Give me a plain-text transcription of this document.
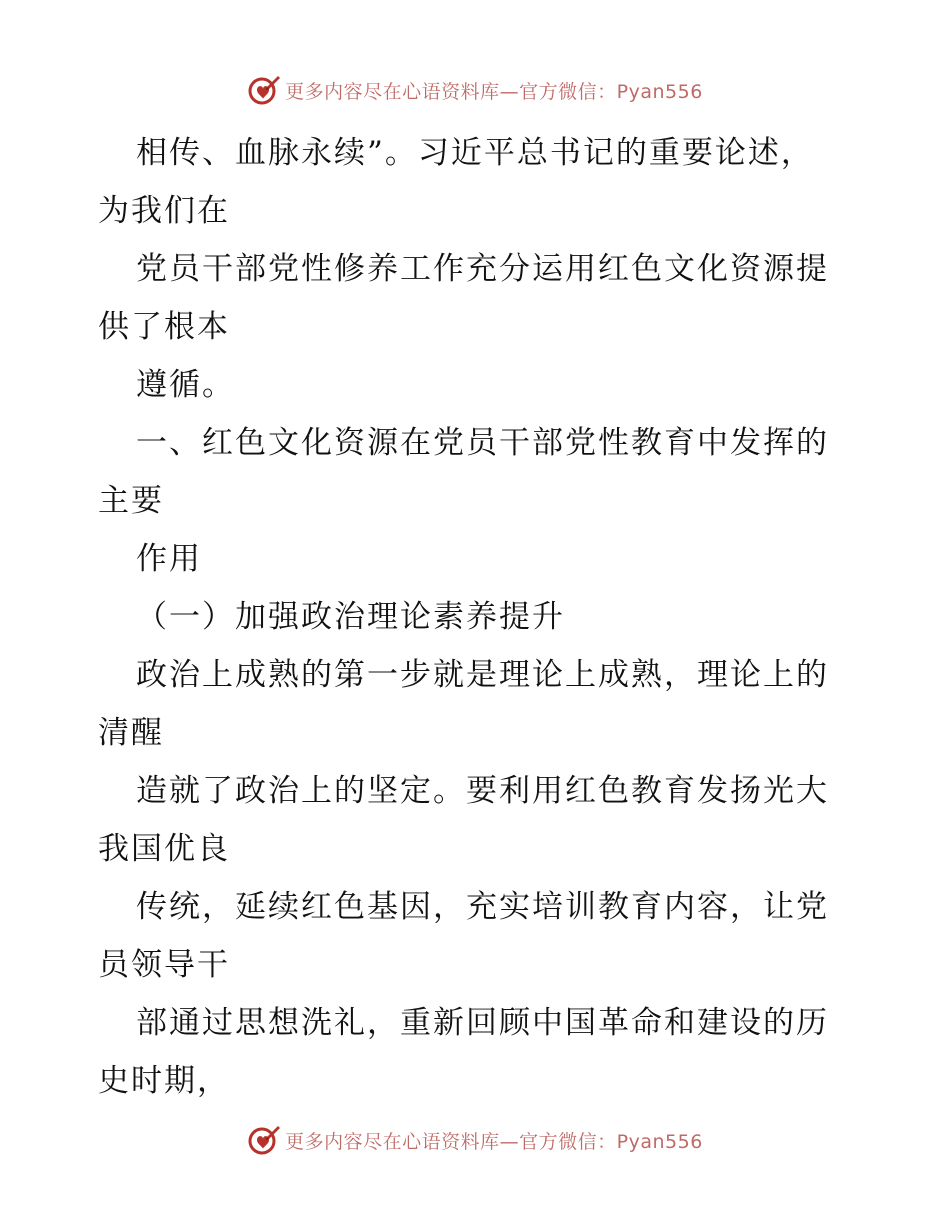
更多内容尽在心语资料库—官方微信：Pyan556
相传、血脉永续”。习近平总书记的重要论述，
为我们在
党员干部党性修养工作充分运用红色文化资源提
供了根本
遵循。
一、红色文化资源在党员干部党性教育中发挥的
主要
作用
（一）加强政治理论素养提升
政治上成熟的第一步就是理论上成熟，理论上的
清醒
造就了政治上的坚定。要利用红色教育发扬光大
我国优良
传统，延续红色基因，充实培训教育内容，让党
员领导干
部通过思想洗礼，重新回顾中国革命和建设的历
史时期，
更多内容尽在心语资料库—官方微信：Pyan556
